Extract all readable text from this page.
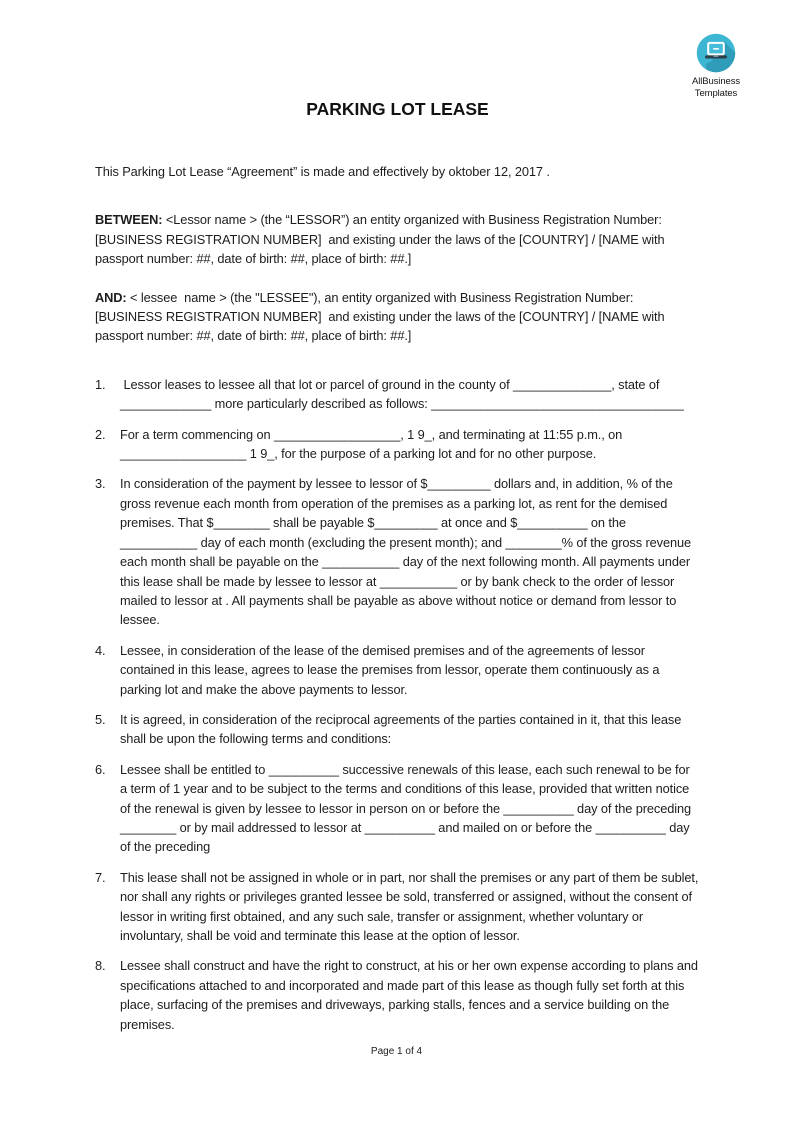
AllBusiness
Templates
PARKING LOT LEASE

This Parking Lot Lease “Agreement” is made and effectively by oktober 12, 2017 .

BETWEEN: <Lessor name > (the “LESSOR”) an entity organized with Business Registration Number: [BUSINESS REGISTRATION NUMBER]  and existing under the laws of the [COUNTRY] / [NAME with passport number: ##, date of birth: ##, place of birth: ##.]

AND: < lessee  name > (the "LESSEE"), an entity organized with Business Registration Number: [BUSINESS REGISTRATION NUMBER]  and existing under the laws of the [COUNTRY] / [NAME with passport number: ##, date of birth: ##, place of birth: ##.]

1. Lessor leases to lessee all that lot or parcel of ground in the county of ______________, state of _____________ more particularly described as follows: ____________________________________
2. For a term commencing on __________________, 1 9_, and terminating at 11:55 p.m., on __________________ 1 9_, for the purpose of a parking lot and for no other purpose.
3. In consideration of the payment by lessee to lessor of $_________ dollars and, in addition, % of the gross revenue each month from operation of the premises as a parking lot, as rent for the demised premises. That $________ shall be payable $_________ at once and $__________ on the ___________ day of each month (excluding the present month); and ________% of the gross revenue each month shall be payable on the ___________ day of the next following month. All payments under this lease shall be made by lessee to lessor at ___________ or by bank check to the order of lessor mailed to lessor at . All payments shall be payable as above without notice or demand from lessor to lessee.
4. Lessee, in consideration of the lease of the demised premises and of the agreements of lessor contained in this lease, agrees to lease the premises from lessor, operate them continuously as a parking lot and make the above payments to lessor.
5. It is agreed, in consideration of the reciprocal agreements of the parties contained in it, that this lease shall be upon the following terms and conditions:
6. Lessee shall be entitled to __________ successive renewals of this lease, each such renewal to be for a term of 1 year and to be subject to the terms and conditions of this lease, provided that written notice of the renewal is given by lessee to lessor in person on or before the __________ day of the preceding ________ or by mail addressed to lessor at __________ and mailed on or before the __________ day of the preceding
7. This lease shall not be assigned in whole or in part, nor shall the premises or any part of them be sublet, nor shall any rights or privileges granted lessee be sold, transferred or assigned, without the consent of lessor in writing first obtained, and any such sale, transfer or assignment, whether voluntary or involuntary, shall be void and terminate this lease at the option of lessor.
8. Lessee shall construct and have the right to construct, at his or her own expense according to plans and specifications attached to and incorporated and made part of this lease as though fully set forth at this place, surfacing of the premises and driveways, parking stalls, fences and a service building on the premises.
Page 1 of 4
